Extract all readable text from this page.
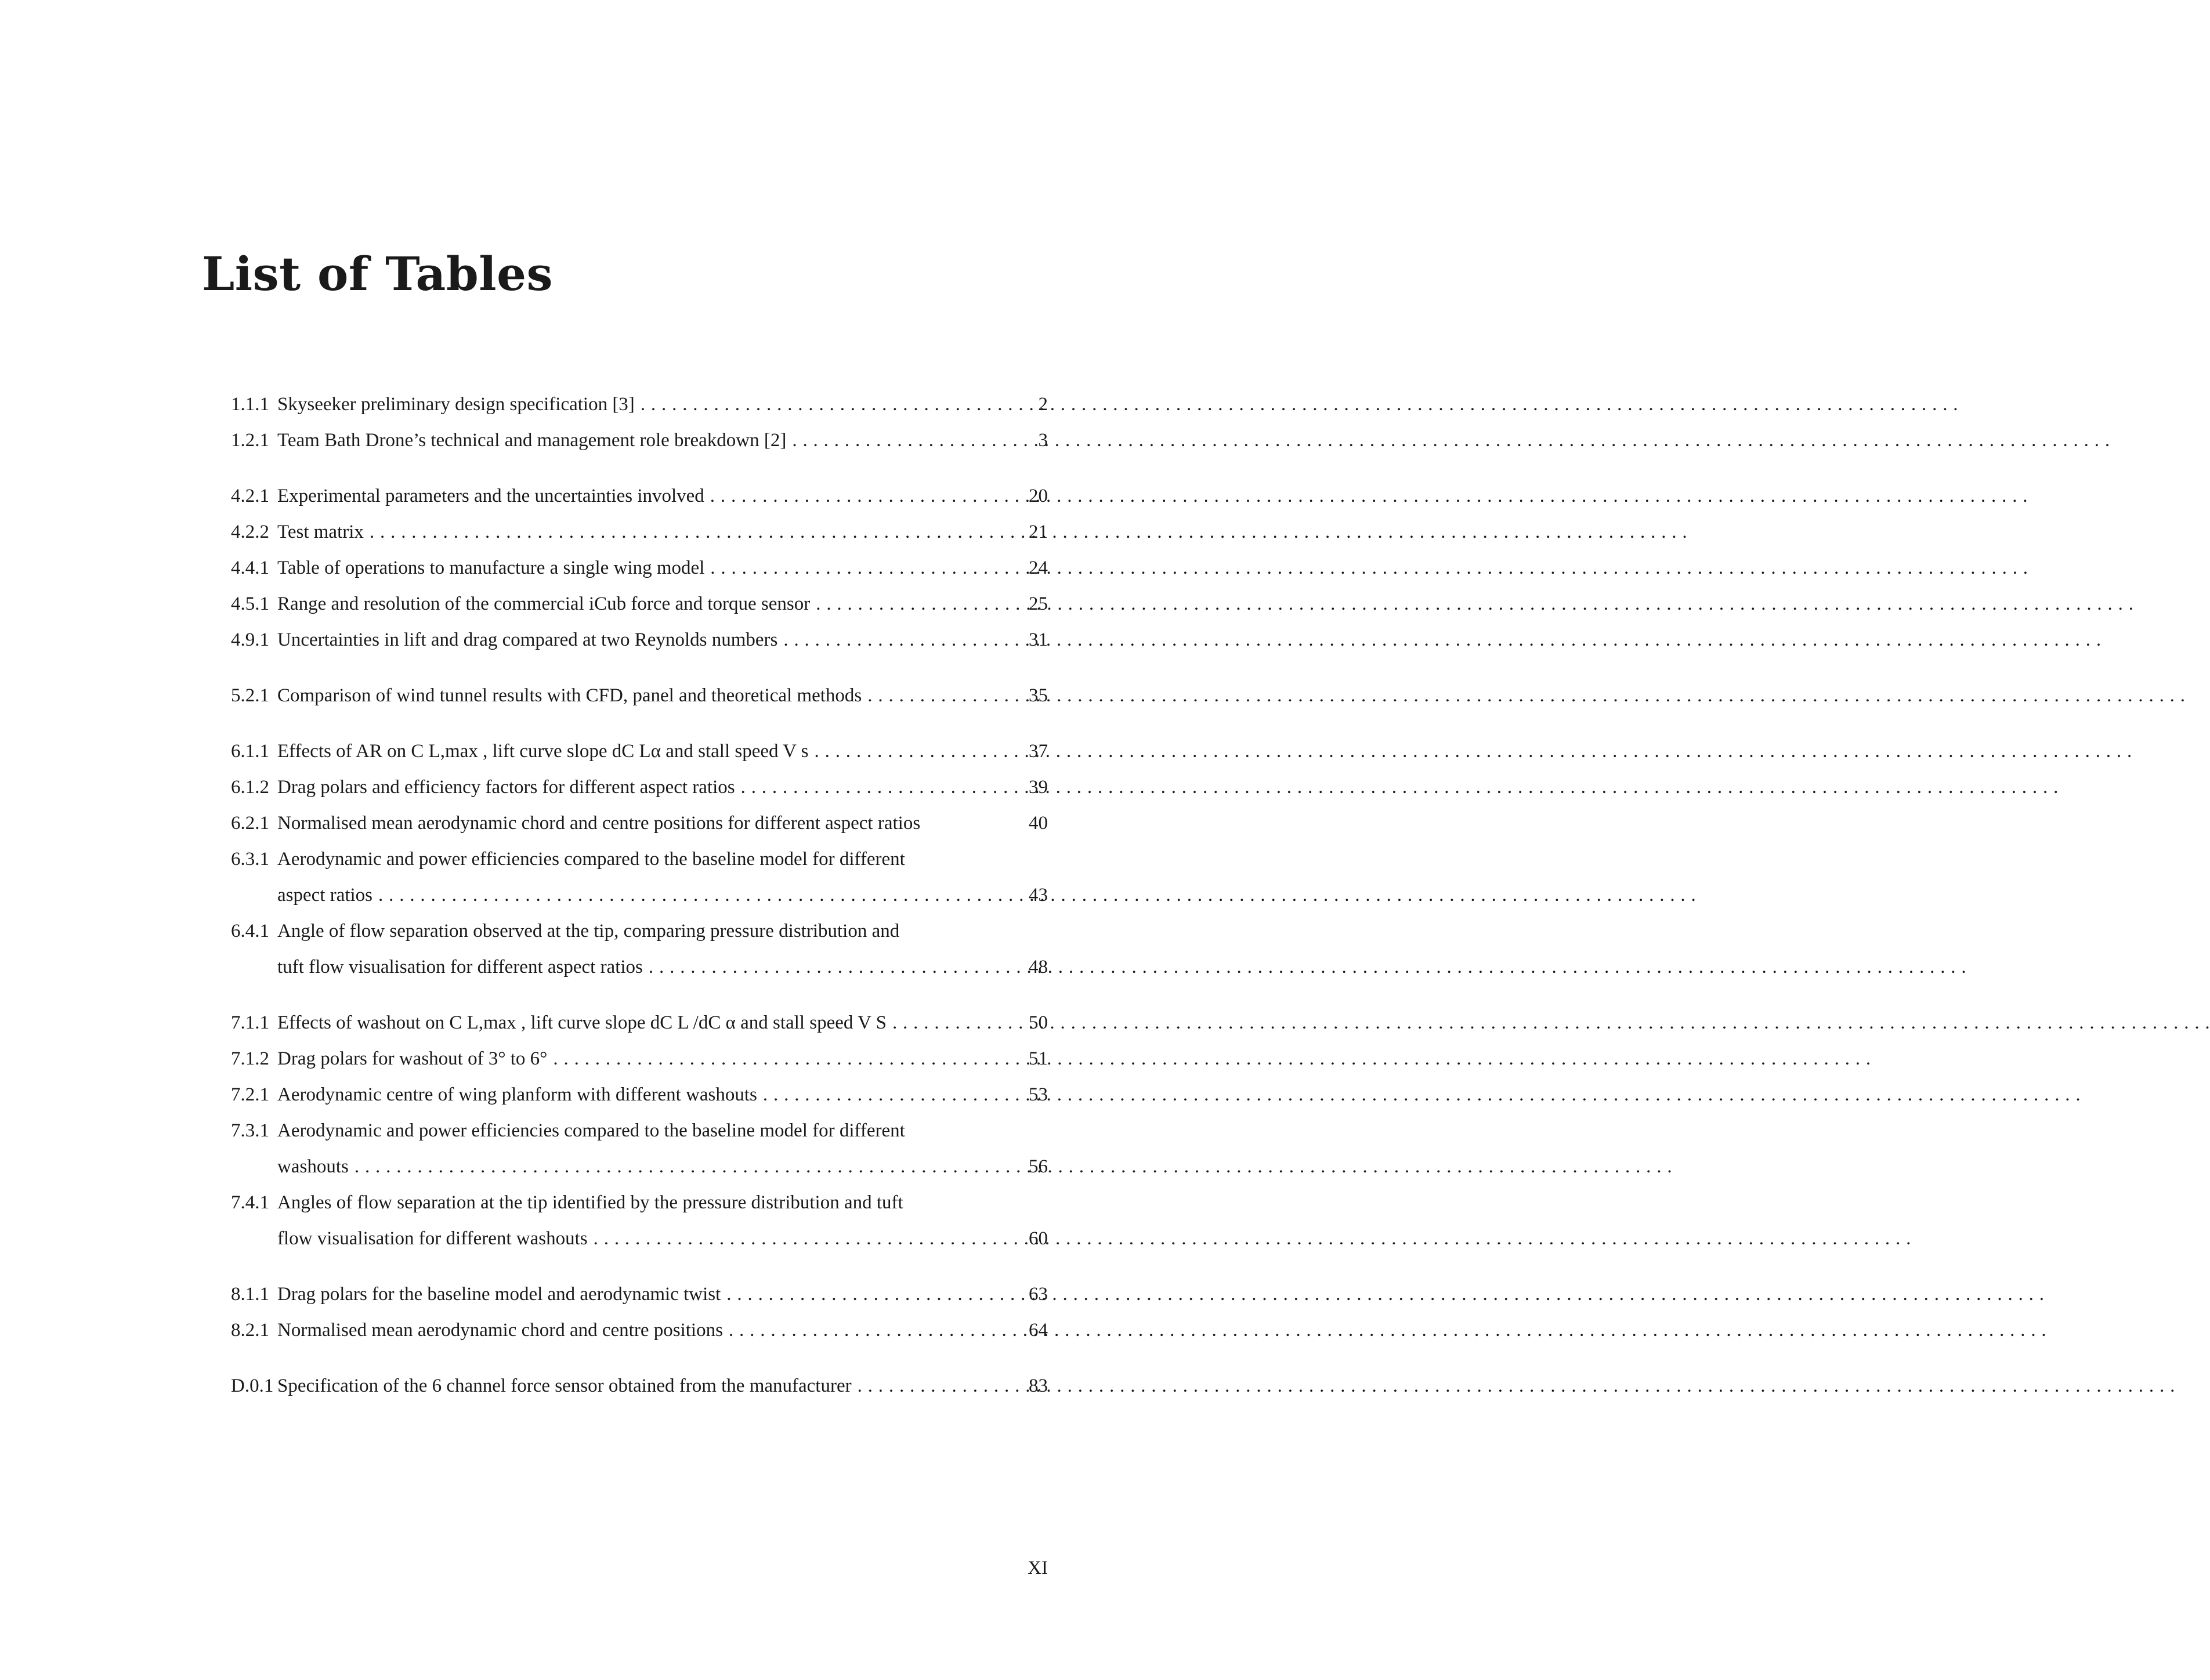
List of Tables
1.1.1 Skyseeker preliminary design specification [3] . . .	2
1.2.1 Team Bath Drone’s technical and management role breakdown [2] . . .	3
4.2.1 Experimental parameters and the uncertainties involved . . .	20
4.2.2 Test matrix . . .	21
4.4.1 Table of operations to manufacture a single wing model . . .	24
4.5.1 Range and resolution of the commercial iCub force and torque sensor . . .	25
4.9.1 Uncertainties in lift and drag compared at two Reynolds numbers . . .	31
5.2.1 Comparison of wind tunnel results with CFD, panel and theoretical methods . . .	35
6.1.1 Effects of AR on C L,max , lift curve slope dC Lα and stall speed V s . . .	37
6.1.2 Drag polars and efficiency factors for different aspect ratios . . .	39
6.2.1 Normalised mean aerodynamic chord and centre positions for different aspect ratios	40
6.3.1 Aerodynamic and power efficiencies compared to the baseline model for different
aspect ratios . . .	43
6.4.1 Angle of flow separation observed at the tip, comparing pressure distribution and
tuft flow visualisation for different aspect ratios . . .	48
7.1.1 Effects of washout on C L,max , lift curve slope dC L /dC α and stall speed V S . . .	50
7.1.2 Drag polars for washout of 3° to 6° . . .	51
7.2.1 Aerodynamic centre of wing planform with different washouts . . .	53
7.3.1 Aerodynamic and power efficiencies compared to the baseline model for different
washouts . . .	56
7.4.1 Angles of flow separation at the tip identified by the pressure distribution and tuft
flow visualisation for different washouts . . .	60
8.1.1 Drag polars for the baseline model and aerodynamic twist . . .	63
8.2.1 Normalised mean aerodynamic chord and centre positions . . .	64
D.0.1 Specification of the 6 channel force sensor obtained from the manufacturer . . .	83
XI
